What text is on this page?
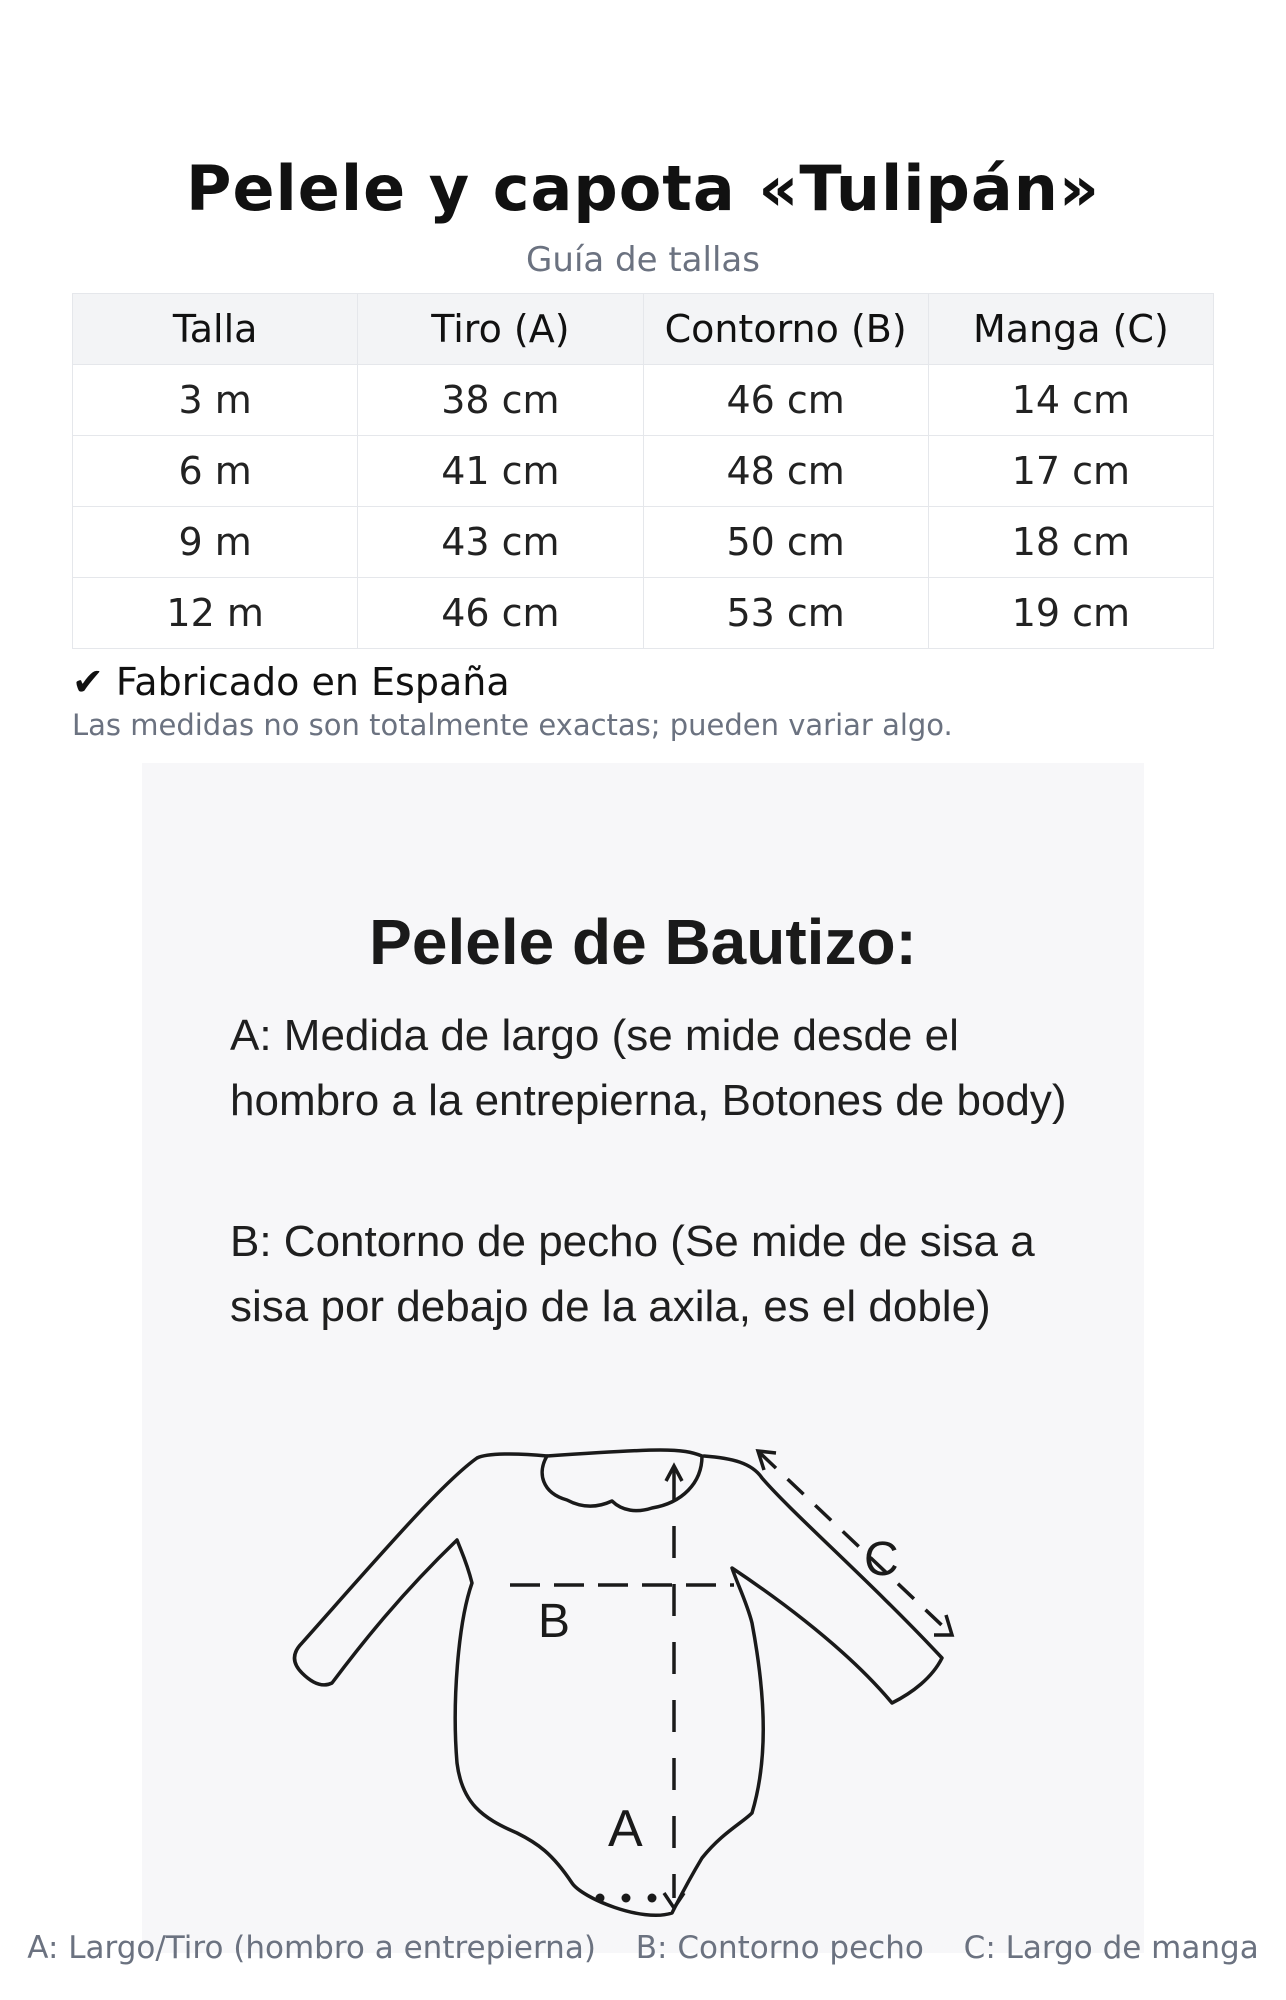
Pelele y capota «Tulipán»
Guía de tallas
Talla	Tiro (A)	Contorno (B)	Manga (C)
3 m	38 cm	46 cm	14 cm
6 m	41 cm	48 cm	17 cm
9 m	43 cm	50 cm	18 cm
12 m	46 cm	53 cm	19 cm
✔ Fabricado en España
Las medidas no son totalmente exactas; pueden variar algo.
Pelele de Bautizo:
A: Medida de largo (se mide desde el hombro a la entrepierna, Botones de body)
B: Contorno de pecho (Se mide de sisa a sisa por debajo de la axila, es el doble)
B
A
C
A: Largo/Tiro (hombro a entrepierna) B: Contorno pecho C: Largo de manga
